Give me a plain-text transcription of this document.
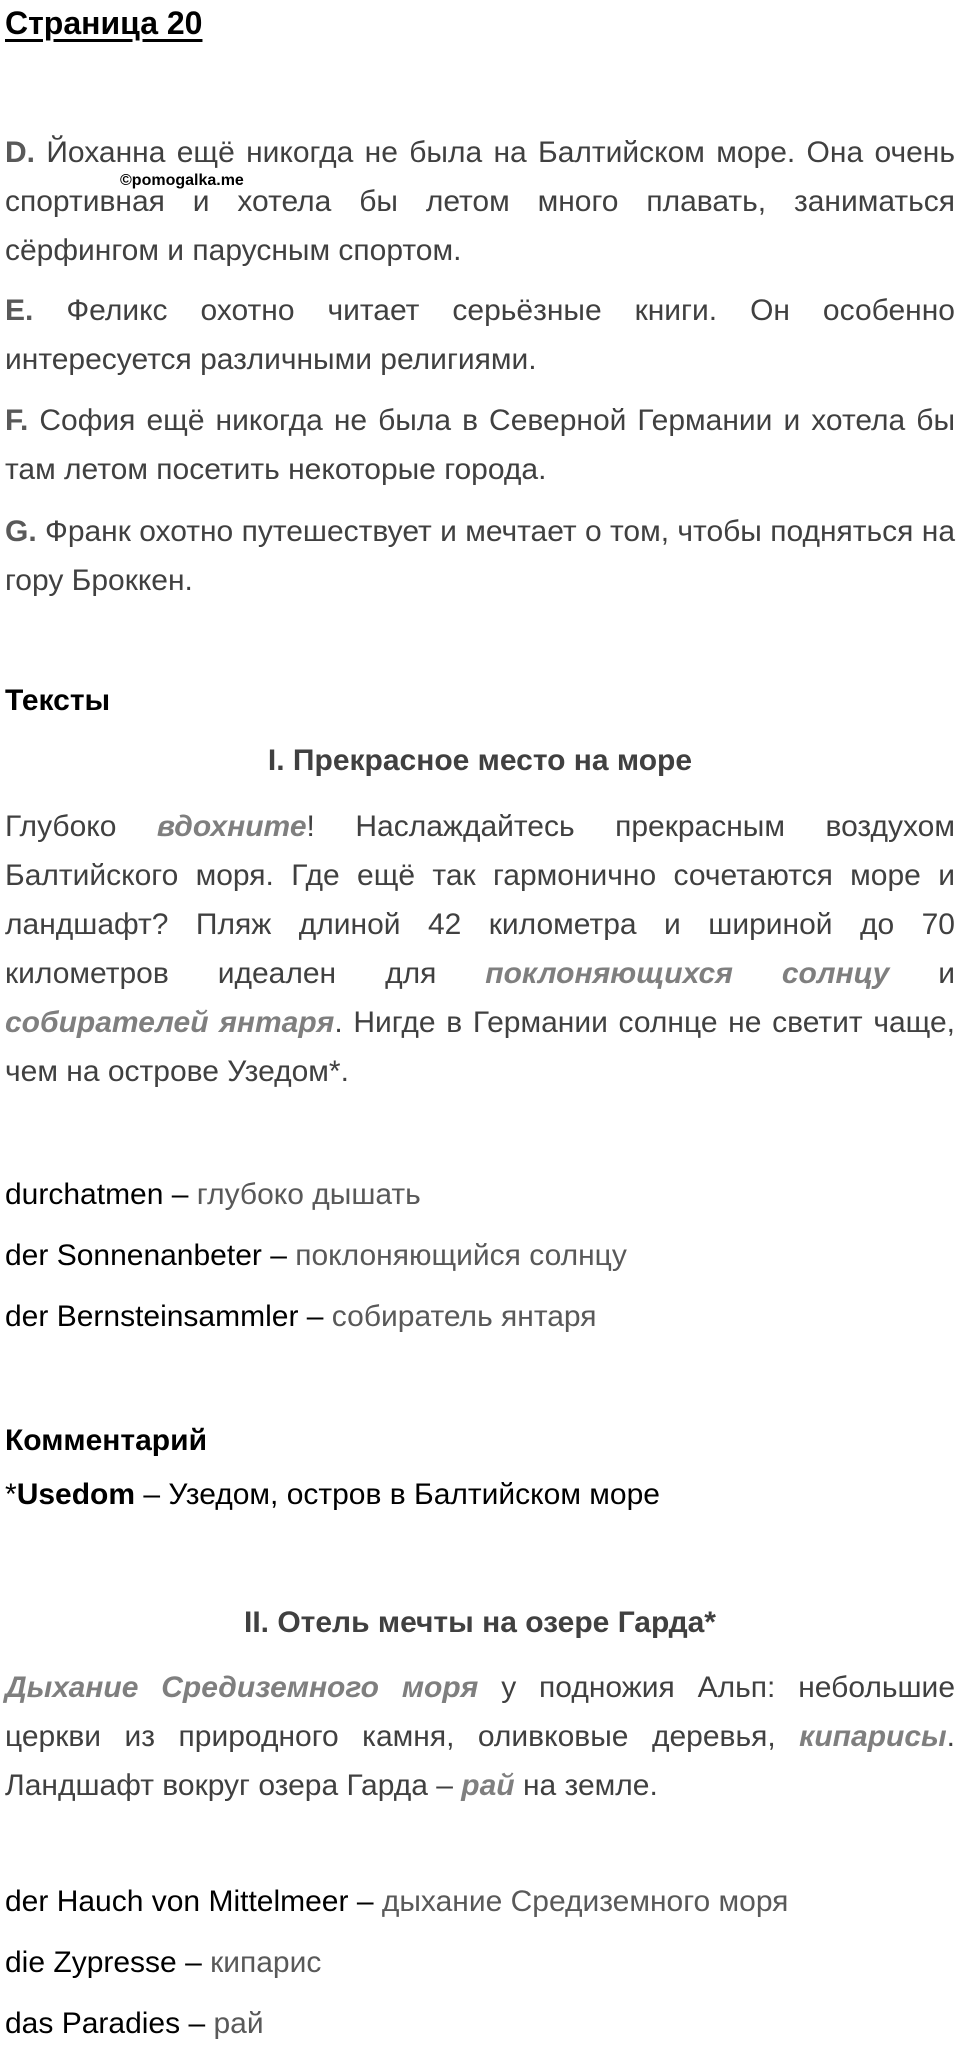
Страница 20
D. Йоханна ещё никогда не была на Балтийском море. Она очень спортивная и хотела бы летом много плавать, заниматься сёрфингом и парусным спортом.
©pomogalka.me
E. Феликс охотно читает серьёзные книги. Он особенно интересуется различными религиями.
F. София ещё никогда не была в Северной Германии и хотела бы там летом посетить некоторые города.
G. Франк охотно путешествует и мечтает о том, чтобы подняться на гору Броккен.
Тексты
I. Прекрасное место на море
Глубоко вдохните! Наслаждайтесь прекрасным воздухом Балтийского моря. Где ещё так гармонично сочетаются море и ландшафт? Пляж длиной 42 километра и шириной до 70 километров идеален для поклоняющихся солнцу и собирателей янтаря. Нигде в Германии солнце не светит чаще, чем на острове Узедом*.
durchatmen – глубоко дышать
der Sonnenanbeter – поклоняющийся солнцу
der Bernsteinsammler – собиратель янтаря
Комментарий
*Usedom – Узедом, остров в Балтийском море
II. Отель мечты на озере Гарда*
Дыхание Средиземного моря у подножия Альп: небольшие церкви из природного камня, оливковые деревья, кипарисы. Ландшафт вокруг озера Гарда – рай на земле.
der Hauch von Mittelmeer – дыхание Средиземного моря
die Zypresse – кипарис
das Paradies – рай
